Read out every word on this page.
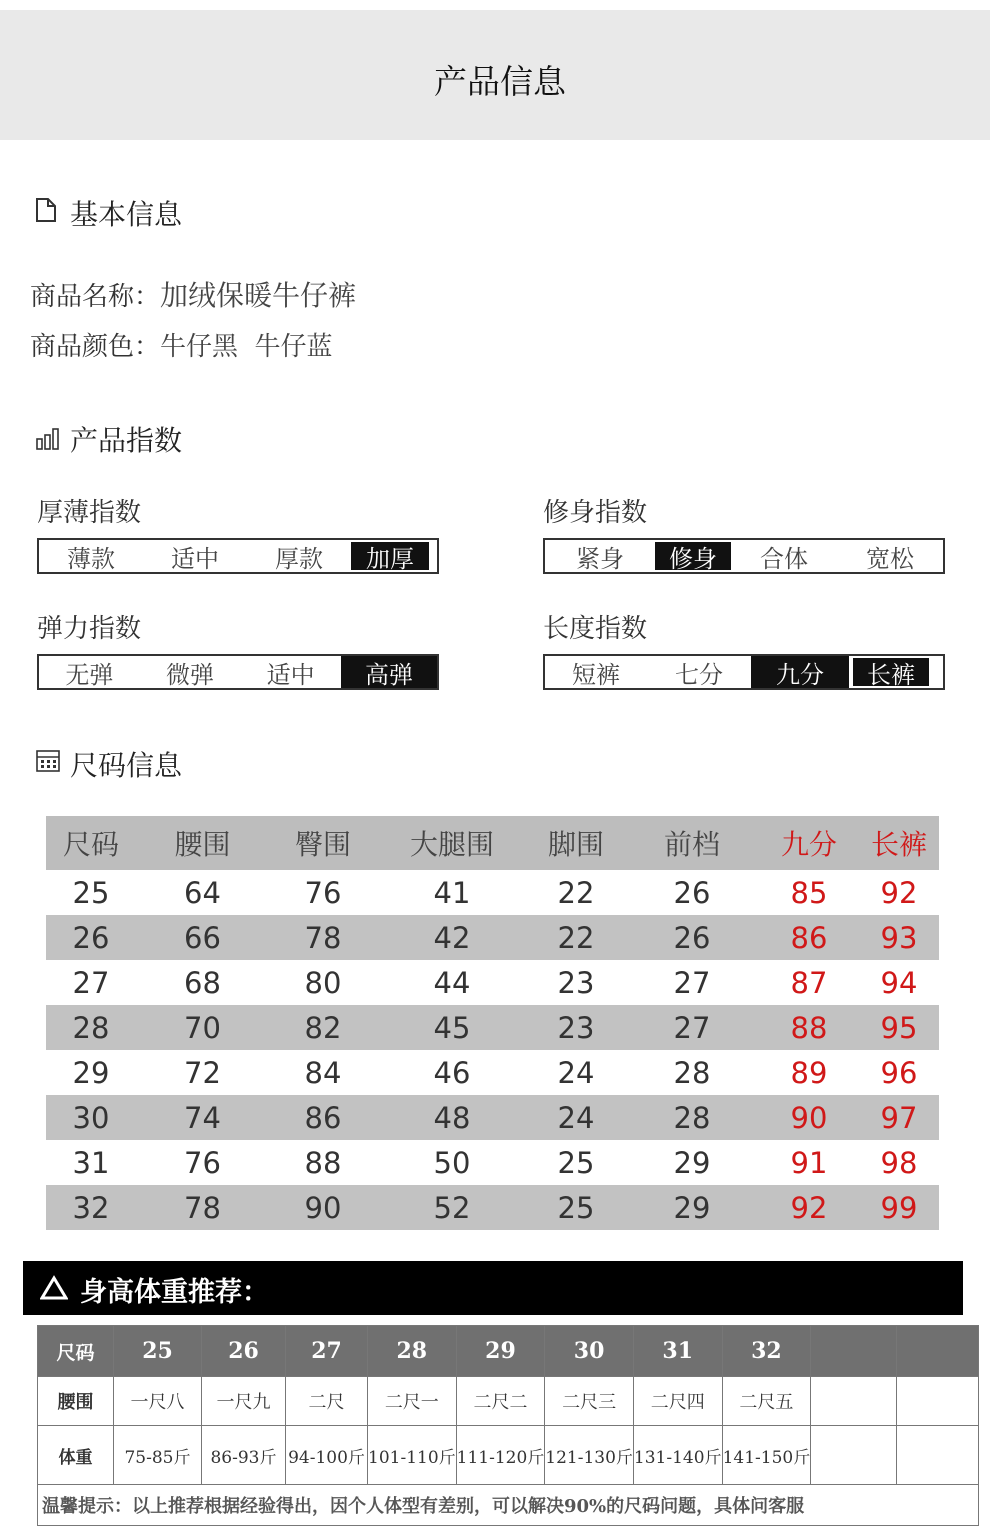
产品信息
基本信息
商品名称：加绒保暖牛仔裤
商品颜色：牛仔黑  牛仔蓝
产品指数
厚薄指数
薄款	适中	厚款	加厚
修身指数
紧身	修身	合体	宽松
弹力指数
无弹	微弹	适中	高弹
长度指数
短裤	七分	九分	长裤
尺码信息
尺码	腰围	臀围	大腿围	脚围	前档	九分	长裤
25	64	76	41	22	26	85	92
26	66	78	42	22	26	86	93
27	68	80	44	23	27	87	94
28	70	82	45	23	27	88	95
29	72	84	46	24	28	89	96
30	74	86	48	24	28	90	97
31	76	88	50	25	29	91	98
32	78	90	52	25	29	92	99
身高体重推荐：
尺码	25	26	27	28	29	30	31	32		
腰围	一尺八	一尺九	二尺	二尺一	二尺二	二尺三	二尺四	二尺五		
体重	75-85斤	86-93斤	94-100斤	101-110斤	111-120斤	121-130斤	131-140斤	141-150斤		
温馨提示：以上推荐根据经验得出，因个人体型有差别，可以解决90%的尺码问题，具体问客服										
